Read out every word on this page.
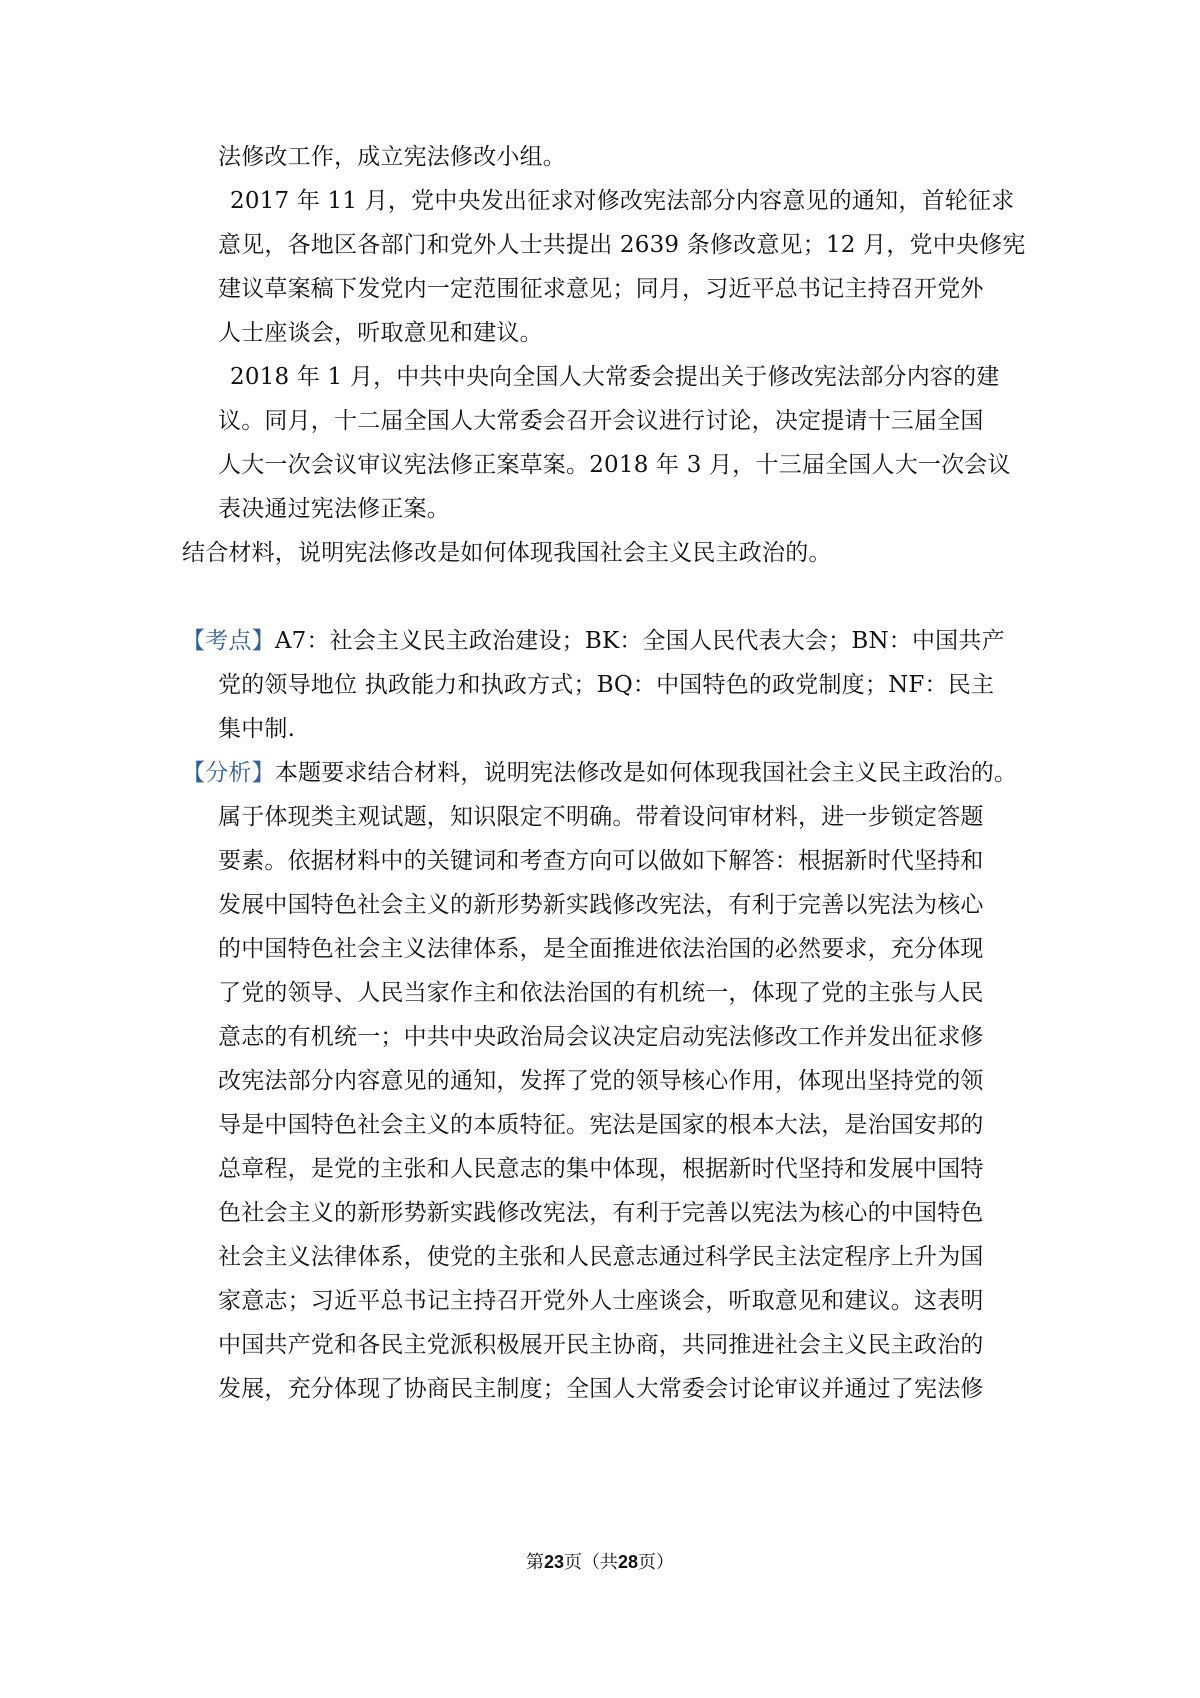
法修改工作，成立宪法修改小组。
2017 年 11 月，党中央发出征求对修改宪法部分内容意见的通知，首轮征求
意见，各地区各部门和党外人士共提出 2639 条修改意见；12 月，党中央修宪
建议草案稿下发党内一定范围征求意见；同月，习近平总书记主持召开党外
人士座谈会，听取意见和建议。
2018 年 1 月，中共中央向全国人大常委会提出关于修改宪法部分内容的建
议。同月，十二届全国人大常委会召开会议进行讨论，决定提请十三届全国
人大一次会议审议宪法修正案草案。2018 年 3 月，十三届全国人大一次会议
表决通过宪法修正案。
结合材料，说明宪法修改是如何体现我国社会主义民主政治的。
【考点】A7：社会主义民主政治建设；BK：全国人民代表大会；BN：中国共产
党的领导地位 执政能力和执政方式；BQ：中国特色的政党制度；NF：民主
集中制.
【分析】本题要求结合材料，说明宪法修改是如何体现我国社会主义民主政治的。
属于体现类主观试题，知识限定不明确。带着设问审材料，进一步锁定答题
要素。依据材料中的关键词和考查方向可以做如下解答：根据新时代坚持和
发展中国特色社会主义的新形势新实践修改宪法，有利于完善以宪法为核心
的中国特色社会主义法律体系，是全面推进依法治国的必然要求，充分体现
了党的领导、人民当家作主和依法治国的有机统一，体现了党的主张与人民
意志的有机统一；中共中央政治局会议决定启动宪法修改工作并发出征求修
改宪法部分内容意见的通知，发挥了党的领导核心作用，体现出坚持党的领
导是中国特色社会主义的本质特征。宪法是国家的根本大法，是治国安邦的
总章程，是党的主张和人民意志的集中体现，根据新时代坚持和发展中国特
色社会主义的新形势新实践修改宪法，有利于完善以宪法为核心的中国特色
社会主义法律体系，使党的主张和人民意志通过科学民主法定程序上升为国
家意志；习近平总书记主持召开党外人士座谈会，听取意见和建议。这表明
中国共产党和各民主党派积极展开民主协商，共同推进社会主义民主政治的
发展，充分体现了协商民主制度；全国人大常委会讨论审议并通过了宪法修
第23页（共28页）
